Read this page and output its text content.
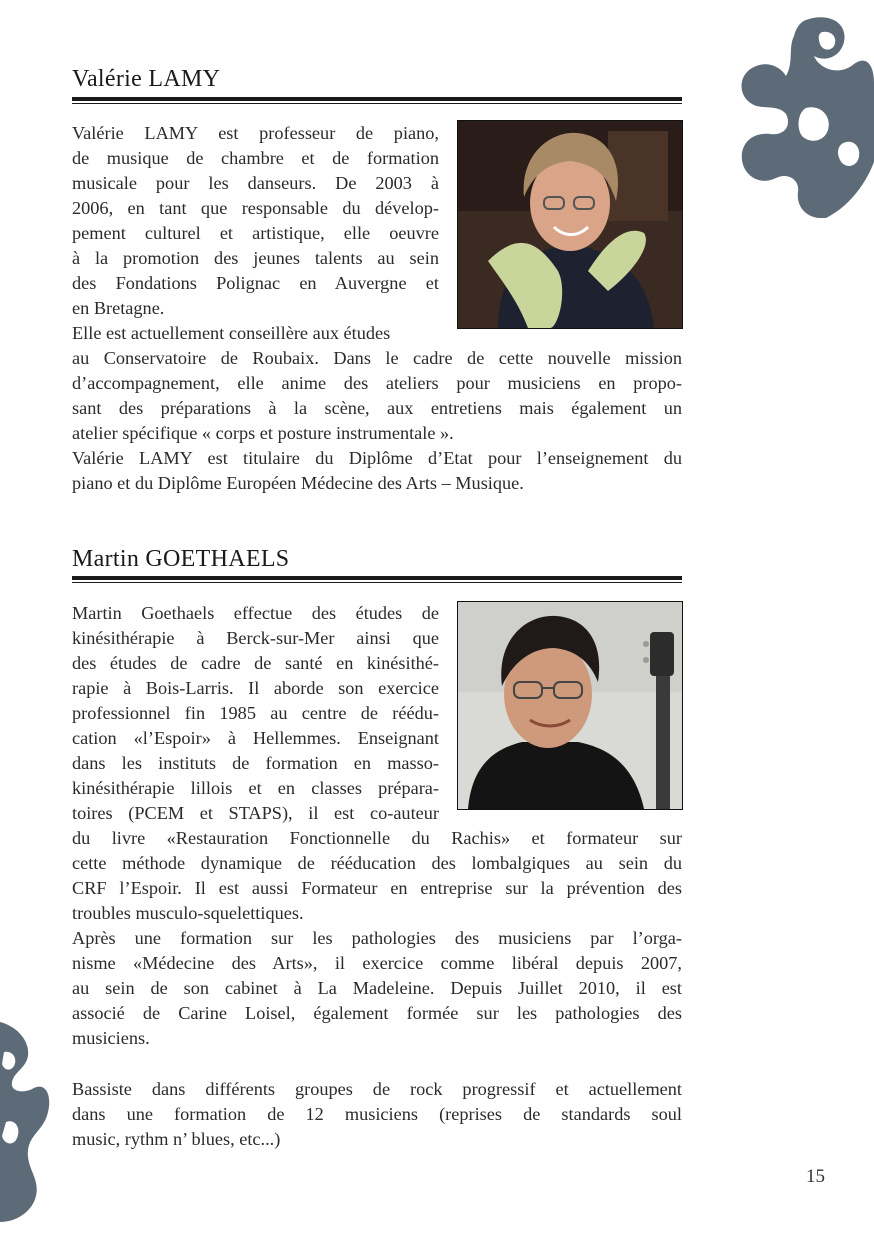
Valérie LAMY

Valérie LAMY est professeur de piano,

de musique de chambre et de formation

musicale pour les danseurs. De 2003 à

2006, en tant que responsable du dévelop-

pement culturel et artistique, elle oeuvre

à la promotion des jeunes talents au sein

des Fondations Polignac en Auvergne et

en Bretagne.

Elle est actuellement conseillère aux études

au Conservatoire de Roubaix. Dans le cadre de cette nouvelle mission

d’accompagnement, elle anime des ateliers pour musiciens en propo-

sant des préparations à la scène, aux entretiens mais également un

atelier spécifique « corps et posture instrumentale ».

Valérie LAMY est titulaire du Diplôme d’Etat pour l’enseignement du

piano et du Diplôme Européen Médecine des Arts – Musique.

Martin GOETHAELS

Martin Goethaels effectue des études de

kinésithérapie à Berck-sur-Mer ainsi que

des études de cadre de santé en kinésithé-

rapie à Bois-Larris. Il aborde son exercice

professionnel fin 1985 au centre de réédu-

cation «l’Espoir» à Hellemmes. Enseignant

dans les instituts de formation en masso-

kinésithérapie lillois et en classes prépara-

toires (PCEM et STAPS), il est co-auteur

du livre «Restauration Fonctionnelle du Rachis» et formateur sur

cette méthode dynamique de rééducation des lombalgiques au sein du

CRF l’Espoir. Il est aussi Formateur en entreprise sur la prévention des

troubles musculo-squelettiques.

Après une formation sur les pathologies des musiciens par l’orga-

nisme «Médecine des Arts», il exercice comme libéral depuis 2007,

au sein de son cabinet à La Madeleine. Depuis Juillet 2010, il est

associé de Carine Loisel, également formée sur les pathologies des

musiciens.

Bassiste dans différents groupes de rock progressif et actuellement

dans une formation de 12 musiciens (reprises de standards soul

music, rythm n’ blues, etc...)

15
